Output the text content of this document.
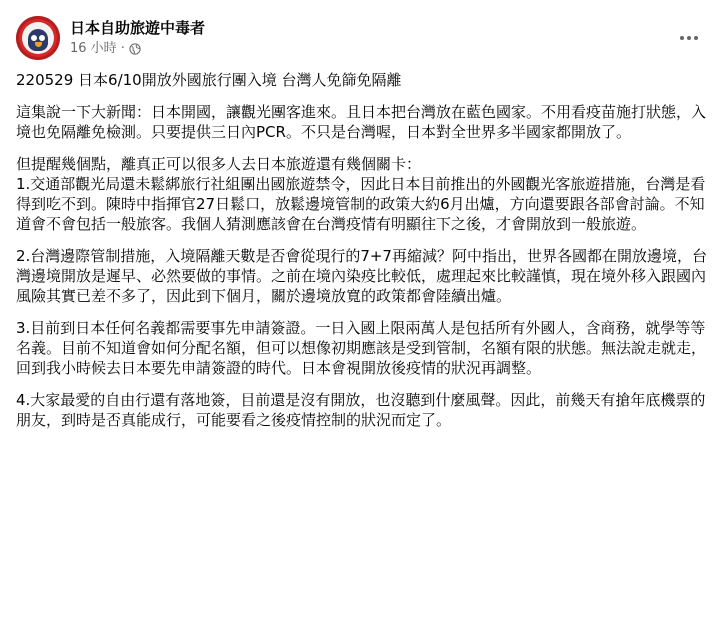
日本自助旅遊中毒者
16 小時 ·

220529 日本6/10開放外國旅行團入境 台灣人免篩免隔離

這集說一下大新聞：日本開國，讓觀光團客進來。且日本把台灣放在藍色國家。不用看疫苗施打狀態，入境也免隔離免檢測。只要提供三日內PCR。不只是台灣喔，日本對全世界多半國家都開放了。

但提醒幾個點，離真正可以很多人去日本旅遊還有幾個關卡：
1.交通部觀光局還未鬆綁旅行社組團出國旅遊禁令，因此日本目前推出的外國觀光客旅遊措施，台灣是看得到吃不到。陳時中指揮官27日鬆口，放鬆邊境管制的政策大約6月出爐，方向還要跟各部會討論。不知道會不會包括一般旅客。我個人猜測應該會在台灣疫情有明顯往下之後，才會開放到一般旅遊。

2.台灣邊際管制措施，入境隔離天數是否會從現行的7+7再縮減？阿中指出，世界各國都在開放邊境，台灣邊境開放是遲早、必然要做的事情。之前在境內染疫比較低，處理起來比較謹慎，現在境外移入跟國內風險其實已差不多了，因此到下個月，關於邊境放寬的政策都會陸續出爐。

3.目前到日本任何名義都需要事先申請簽證。一日入國上限兩萬人是包括所有外國人，含商務，就學等等名義。目前不知道會如何分配名額，但可以想像初期應該是受到管制，名額有限的狀態。無法說走就走，回到我小時候去日本要先申請簽證的時代。日本會視開放後疫情的狀況再調整。

4.大家最愛的自由行還有落地簽，目前還是沒有開放，也沒聽到什麼風聲。因此，前幾天有搶年底機票的朋友，到時是否真能成行，可能要看之後疫情控制的狀況而定了。
